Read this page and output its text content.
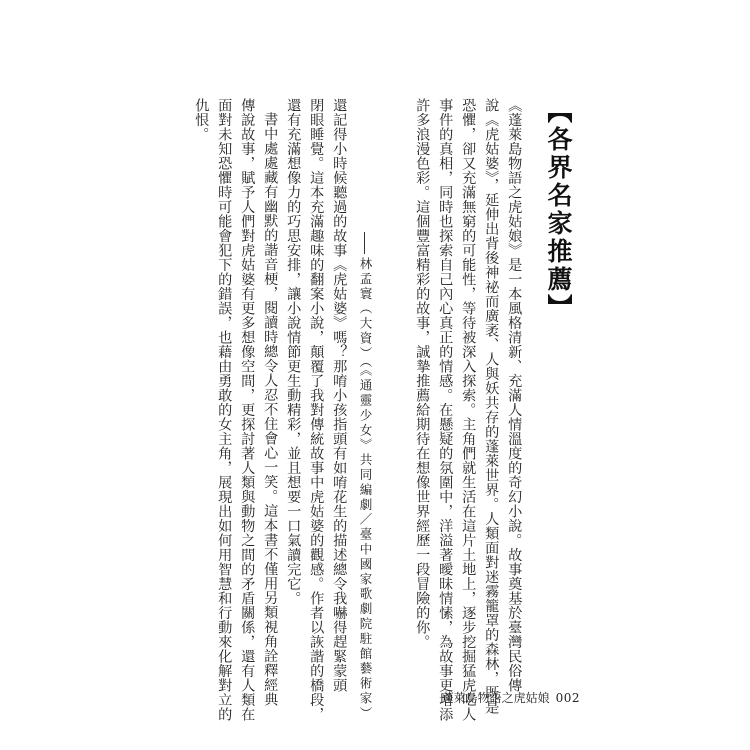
【各界名家推薦】
《蓬萊島物語之虎姑娘》是一本風格清新、充滿人情溫度的奇幻小說。故事奠基於臺灣民俗傳
說《虎姑婆》，延伸出背後神祕而廣袤、人與妖共存的蓬萊世界。人類面對迷霧籠罩的森林，既是
恐懼，卻又充滿無窮的可能性，等待被深入探索。主角們就生活在這片土地上，逐步挖掘猛虎吃人
事件的真相，同時也探索自己內心真正的情感。在懸疑的氛圍中，洋溢著曖昧情愫，為故事更增添
許多浪漫色彩。這個豐富精彩的故事，誠摯推薦給期待在想像世界經歷一段冒險的你。
林孟寰（大資）（《通靈少女》共同編劇／臺中國家歌劇院駐館藝術家）
還記得小時候聽過的故事《虎姑婆》嗎？那唷小孩指頭有如唷花生的描述總令我嚇得趕緊蒙頭
閉眼睡覺。這本充滿趣味的翻案小說，顛覆了我對傳統故事中虎姑婆的觀感。作者以詼諧的橋段，
還有充滿想像力的巧思安排，讓小說情節更生動精彩，並且想要一口氣讀完它。
書中處處藏有幽默的諧音梗，閱讀時總令人忍不住會心一笑。這本書不僅用另類視角詮釋經典
傳說故事，賦予人們對虎姑婆有更多想像空間，更探討著人類與動物之間的矛盾關係，還有人類在
面對未知恐懼時可能會犯下的錯誤，也藉由勇敢的女主角，展現出如何用智慧和行動來化解對立的
仇恨。
蓬萊島物語之虎姑娘 002
